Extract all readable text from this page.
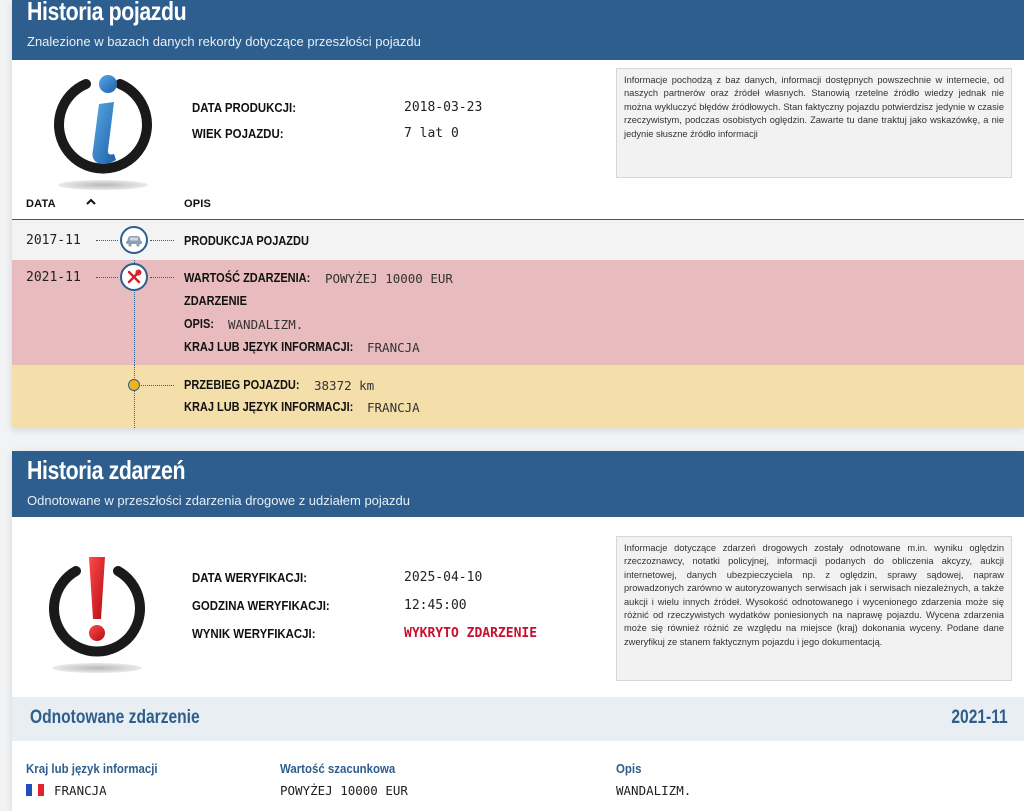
Historia pojazdu
Znalezione w bazach danych rekordy dotyczące przeszłości pojazdu
DATA PRODUKCJI:	2018-03-23
WIEK POJAZDU:	7 lat 0
Informacje pochodzą z baz danych, informacji dostępnych powszechnie w internecie, od naszych partnerów oraz źródeł własnych. Stanowią rzetelne źródło wiedzy jednak nie można wykluczyć błędów źródłowych. Stan faktyczny pojazdu potwierdzisz jedynie w czasie rzeczywistym, podczas osobistych oględzin. Zawarte tu dane traktuj jako wskazówkę, a nie jedynie słuszne źródło informacji
DATA	OPIS
2017-11	PRODUKCJA POJAZDU
2021-11	WARTOŚĆ ZDARZENIA: POWYŻEJ 10000 EUR
ZDARZENIE
OPIS: WANDALIZM.
KRAJ LUB JĘZYK INFORMACJI: FRANCJA
PRZEBIEG POJAZDU: 38372 km
KRAJ LUB JĘZYK INFORMACJI: FRANCJA
Historia zdarzeń
Odnotowane w przeszłości zdarzenia drogowe z udziałem pojazdu
DATA WERYFIKACJI:	2025-04-10
GODZINA WERYFIKACJI:	12:45:00
WYNIK WERYFIKACJI:	WYKRYTO ZDARZENIE
Informacje dotyczące zdarzeń drogowych zostały odnotowane m.in. wyniku oględzin rzeczoznawcy, notatki policyjnej, informacji podanych do obliczenia akcyzy, aukcji internetowej, danych ubezpieczyciela np. z oględzin, sprawy sądowej, napraw prowadzonych zarówno w autoryzowanych serwisach jak i serwisach niezależnych, a także aukcji i wielu innych źródeł. Wysokość odnotowanego i wycenionego zdarzenia może się różnić od rzeczywistych wydatków poniesionych na naprawę pojazdu. Wycena zdarzenia może się również różnić ze względu na miejsce (kraj) dokonania wyceny. Podane dane zweryfikuj ze stanem faktycznym pojazdu i jego dokumentacją.
Odnotowane zdarzenie	2021-11
Kraj lub język informacji
FRANCJA
Wartość szacunkowa
POWYŻEJ 10000 EUR
Opis
WANDALIZM.
